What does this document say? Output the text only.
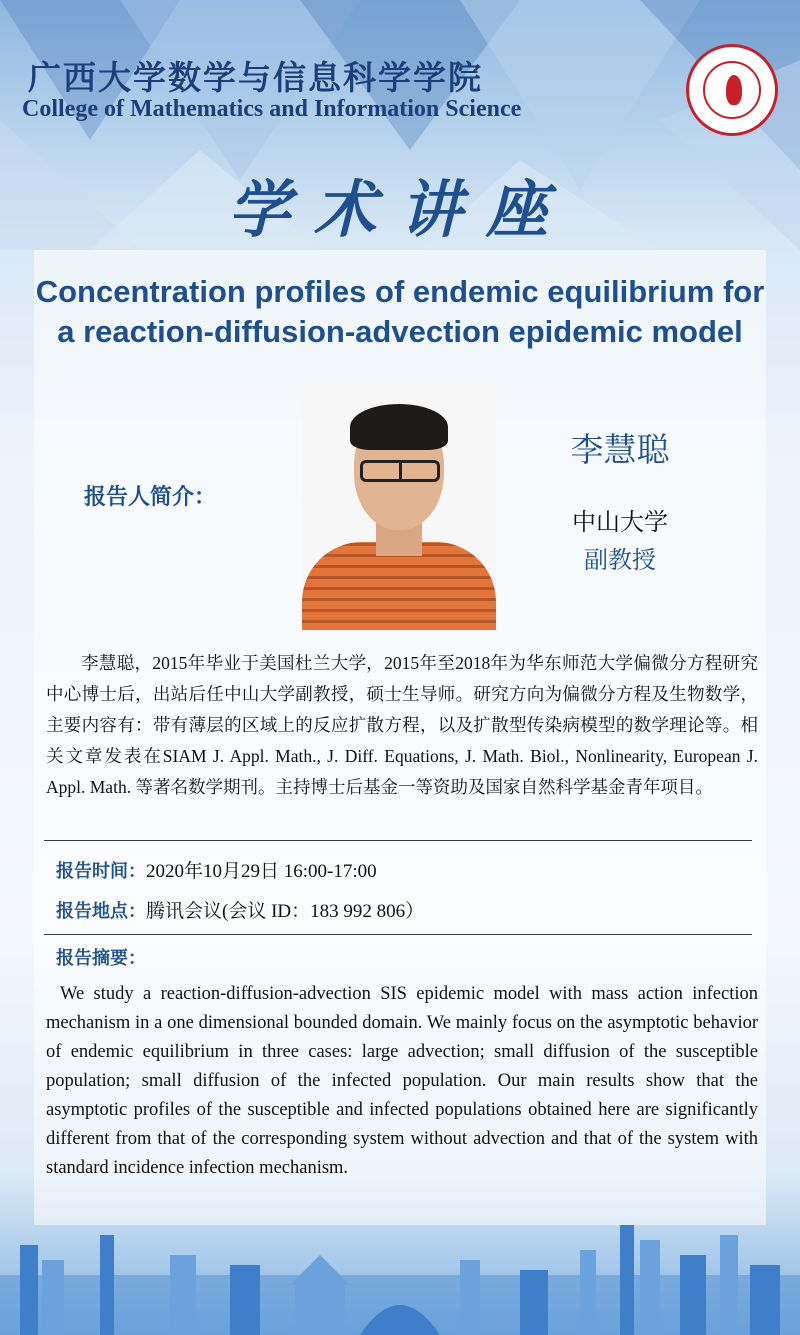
广西大学数学与信息科学学院
College of Mathematics and Information Science
学术讲座
Concentration profiles of endemic equilibrium for
a reaction-diffusion-advection epidemic model
报告人简介：
李慧聪
中山大学
副教授
李慧聪，2015年毕业于美国杜兰大学，2015年至2018年为华东师范大学偏微分方程研究中心博士后，出站后任中山大学副教授，硕士生导师。研究方向为偏微分方程及生物数学，主要内容有：带有薄层的区域上的反应扩散方程，以及扩散型传染病模型的数学理论等。相关文章发表在SIAM J. Appl. Math., J. Diff. Equations, J. Math. Biol., Nonlinearity, European J. Appl. Math. 等著名数学期刊。主持博士后基金一等资助及国家自然科学基金青年项目。
报告时间：2020年10月29日 16:00-17:00
报告地点：腾讯会议(会议 ID：183 992 806）
报告摘要：
We study a reaction-diffusion-advection SIS epidemic model with mass action infection mechanism in a one dimensional bounded domain. We mainly focus on the asymptotic behavior of endemic equilibrium in three cases: large advection; small diffusion of the susceptible population; small diffusion of the infected population. Our main results show that the asymptotic profiles of the susceptible and infected populations obtained here are significantly different from that of the corresponding system without advection and that of the system with standard incidence infection mechanism.
